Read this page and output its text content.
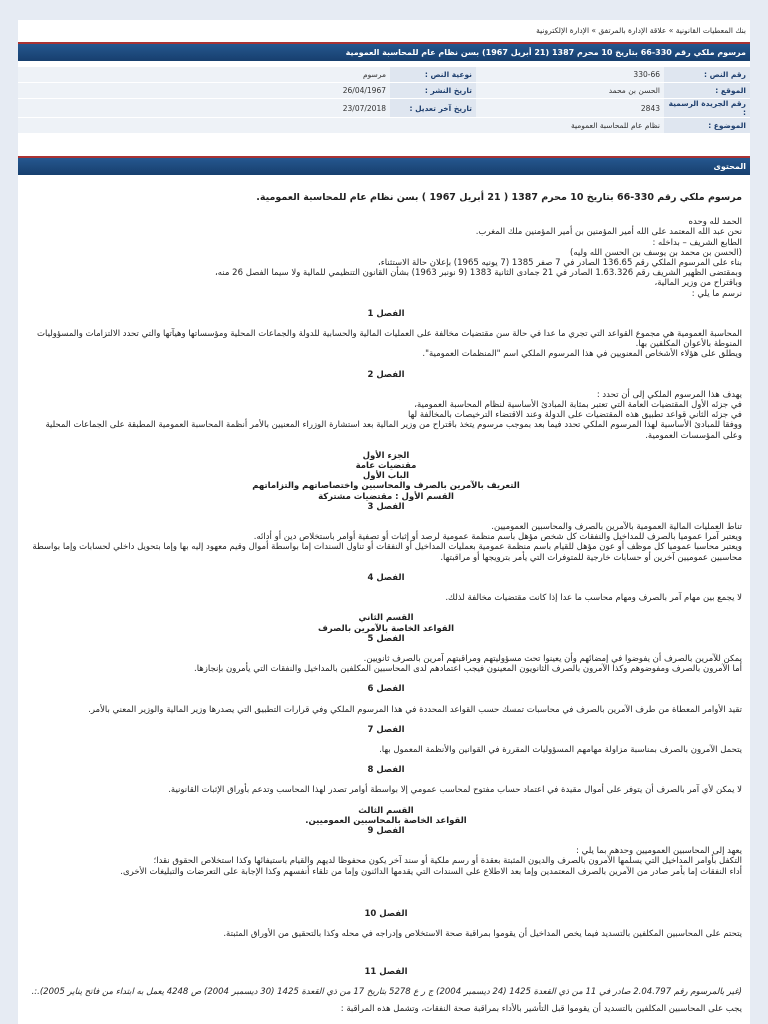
بنك المعطيات القانونية » علاقة الإدارة بالمرتفق » الإدارة الإلكترونية
مرسوم ملكي رقم 330-66 بتاريخ 10 محرم 1387 (21 أبريل 1967) بسن نظام عام للمحاسبة العمومية
رقم النص :	330-66	نوعية النص :	مرسوم
الموقع :	الحسن بن محمد	تاريخ النشر :	26/04/1967
رقم الجريدة الرسمية :	2843	تاريخ آخر تعديل :	23/07/2018
الموضوع :	نظام عام للمحاسبة العمومية		
المحتوى
مرسوم ملكي رقم 330-66 بتاريخ 10 محرم 1387 ( 21 أبريل 1967 ) بسن نظام عام للمحاسبة العمومية.

الحمد لله وحده

نحن عبد الله المعتمد على الله أمير المؤمنين بن أمير المؤمنين ملك المغرب.

الطابع الشريف – بداخله :

(الحسن بن محمد بن يوسف بن الحسن الله وليه)

بناء على المرسوم الملكي رقم 136.65 الصادر في 7 صفر 1385 (7 يونيه 1965) بإعلان حالة الاستثناء،

وبمقتضى الظهير الشريف رقم 1.63.326 الصادر في 21 جمادى الثانية 1383 (9 نونبر 1963) بشأن القانون التنظيمي للمالية ولا سيما الفصل 26 منه،

وباقتراح من وزير المالية،

نرسم ما يلي :

الفصل 1

المحاسبة العمومية هي مجموع القواعد التي تجري ما عدا في حالة سن مقتضيات مخالفة على العمليات المالية والحسابية للدولة والجماعات المحلية ومؤسساتها وهيآتها والتي تحدد الالتزامات والمسؤوليات المنوطة بالأعوان المكلفين بها.

ويطلق على هؤلاء الأشخاص المعنويين في هذا المرسوم الملكي اسم "المنظمات العمومية".

الفصل 2

يهدف هذا المرسوم الملكي إلى أن تحدد :

في جزئه الأول المقتضيات العامة التي تعتبر بمثابة المبادئ الأساسية لنظام المحاسبة العمومية،

في جزئه الثاني قواعد تطبيق هذه المقتضيات على الدولة وعند الاقتضاء الترخيصات بالمخالفة لها

ووفقا للمبادئ الأساسية لهذا المرسوم الملكي تحدد فيما بعد بموجب مرسوم يتخذ باقتراح من وزير المالية بعد استشارة الوزراء المعنيين بالأمر أنظمة المحاسبة العمومية المطبقة على الجماعات المحلية وعلى المؤسسات العمومية.

الجزء الأول
مقتضيات عامة
الباب الأول
التعريف بالآمرين بالصرف والمحاسبين واختصاصاتهم والتزاماتهم
القسم الأول : مقتضيات مشتركة
الفصل 3

تناط العمليات المالية العمومية بالآمرين بالصرف والمحاسبين العموميين.

ويعتبر آمرا عموميا بالصرف للمداخيل والنفقات كل شخص مؤهل باسم منظمة عمومية لرصد أو إثبات أو تصفية أوامر باستخلاص دين أو أدائه.

ويعتبر محاسبا عموميا كل موظف أو عون مؤهل للقيام باسم منظمة عمومية بعمليات المداخيل أو النفقات أو تناول السندات إما بواسطة أموال وقيم معهود إليه بها وإما بتحويل داخلي لحسابات وإما بواسطة محاسبين عموميين آخرين أو حسابات خارجية للمتوفرات التي يأمر بترويجها أو مراقبتها.

الفصل 4

لا يجمع بين مهام آمر بالصرف ومهام محاسب ما عدا إذا كانت مقتضيات مخالفة لذلك.

القسم الثاني
القواعد الخاصة بالآمرين بالصرف
الفصل 5

يمكن للآمرين بالصرف أن يفوضوا في إمضائهم وأن يعينوا تحت مسؤوليتهم ومراقبتهم آمرين بالصرف ثانويين.

أما الآمرون بالصرف ومفوضوهم وكذا الآمرون بالصرف الثانويون المعينون فيجب اعتمادهم لدى المحاسبين المكلفين بالمداخيل والنفقات التي يأمرون بإنجازها.

الفصل 6

تقيد الأوامر المعطاة من طرف الآمرين بالصرف في محاسبات تمسك حسب القواعد المحددة في هذا المرسوم الملكي وفي قرارات التطبيق التي يصدرها وزير المالية والوزير المعني بالأمر.

الفصل 7

يتحمل الآمرون بالصرف بمناسبة مزاولة مهامهم المسؤوليات المقررة في القوانين والأنظمة المعمول بها.

الفصل 8

لا يمكن لأي آمر بالصرف أن يتوفر على أموال مقيدة في اعتماد حساب مفتوح لمحاسب عمومي إلا بواسطة أوامر تصدر لهذا المحاسب وتدعم بأوراق الإثبات القانونية.

القسم الثالث
القواعد الخاصة بالمحاسبين العموميين.
الفصل 9

يعهد إلى المحاسبين العموميين وحدهم بما يلي :

التكفل بأوامر المداخيل التي يسلمها الآمرون بالصرف والديون المثبتة بعقدة أو رسم ملكية أو سند آخر يكون محفوظا لديهم والقيام باستيفائها وكذا استخلاص الحقوق نقدا؛

أداء النفقات إما بأمر صادر من الآمرين بالصرف المعتمدين وإما بعد الاطلاع على السندات التي يقدمها الدائنون وإما من تلقاء أنفسهم وكذا الإجابة على التعرضات والتبليغات الأخرى.

الفصل 10

يتحتم على المحاسبين المكلفين بالتسديد فيما يخص المداخيل أن يقوموا بمراقبة صحة الاستخلاص وإدراجه في محله وكذا بالتحقيق من الأوراق المثبتة.

الفصل 11

(غير بالمرسوم رقم 2.04.797 صادر في 11 من ذي القعدة 1425 (24 ديسمبر 2004) ج ر ع 5278 بتاريخ 17 من ذي القعدة 1425 (30 ديسمبر 2004) ص 4248 يعمل به ابتداء من فاتح يناير 2005).:.

يجب على المحاسبين المكلفين بالتسديد أن يقوموا قبل التأشير بالأداء بمراقبة صحة النفقات، وتشمل هذه المراقبة :
